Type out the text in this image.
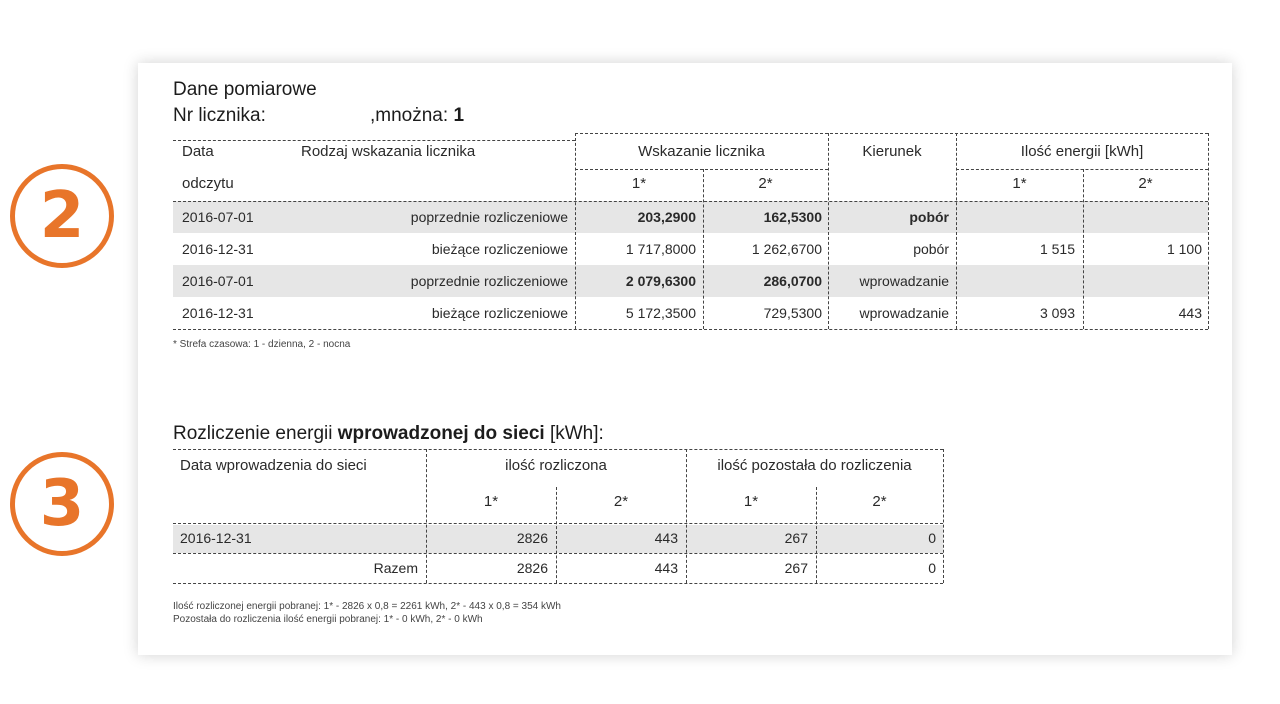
2
3
Dane pomiarowe
Nr licznika:	,mnożna: 1
Data
odczytu
Rodzaj wskazania licznika	Wskazanie licznika	Kierunek	Ilość energii [kWh]
1*	2*	1*	2*
2016-07-01	poprzednie rozliczeniowe	203,2900	162,5300	pobór
2016-12-31	bieżące rozliczeniowe	1 717,8000	1 262,6700	pobór	1 515	1 100
2016-07-01	poprzednie rozliczeniowe	2 079,6300	286,0700	wprowadzanie
2016-12-31	bieżące rozliczeniowe	5 172,3500	729,5300	wprowadzanie	3 093	443
* Strefa czasowa: 1 - dzienna, 2 - nocna
Rozliczenie energii wprowadzonej do sieci [kWh]:
Data wprowadzenia do sieci	ilość rozliczona	ilość pozostała do rozliczenia
1*	2*	1*	2*
2016-12-31	2826	443	267	0
Razem	2826	443	267	0
Ilość rozliczonej energii pobranej: 1* - 2826 x 0,8 = 2261 kWh, 2* - 443 x 0,8 = 354 kWh
Pozostała do rozliczenia ilość energii pobranej: 1* - 0 kWh, 2* - 0 kWh
